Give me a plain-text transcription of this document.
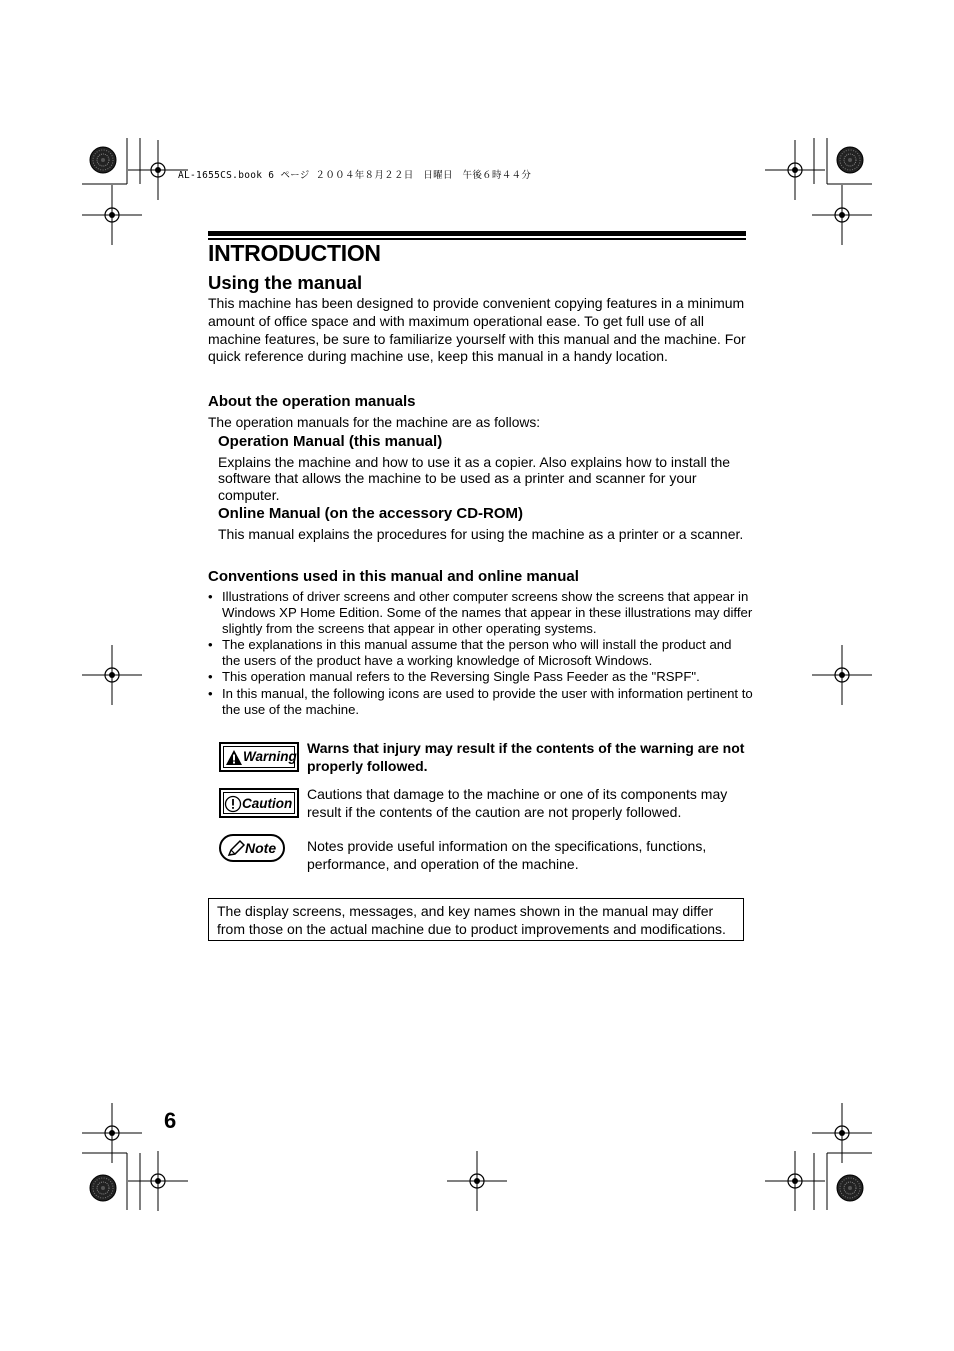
AL-1655CS.book 6 ページ ２００４年８月２２日　日曜日　午後６時４４分
INTRODUCTION
Using the manual
This machine has been designed to provide convenient copying features in a minimum amount of office space and with maximum operational ease. To get full use of all machine features, be sure to familiarize yourself with this manual and the machine. For quick reference during machine use, keep this manual in a handy location.
About the operation manuals
The operation manuals for the machine are as follows:
Operation Manual (this manual)
Explains the machine and how to use it as a copier. Also explains how to install the software that allows the machine to be used as a printer and scanner for your computer.
Online Manual (on the accessory CD-ROM)
This manual explains the procedures for using the machine as a printer or a scanner.
Conventions used in this manual and online manual
• Illustrations of driver screens and other computer screens show the screens that appear in Windows XP Home Edition. Some of the names that appear in these illustrations may differ slightly from the screens that appear in other operating systems.
• The explanations in this manual assume that the person who will install the product and the users of the product have a working knowledge of Microsoft Windows.
• This operation manual refers to the Reversing Single Pass Feeder as the "RSPF".
• In this manual, the following icons are used to provide the user with information pertinent to the use of the machine.
Warning
Warns that injury may result if the contents of the warning are not properly followed.
Caution
Cautions that damage to the machine or one of its components may result if the contents of the caution are not properly followed.
Note Notes provide useful information on the specifications, functions, performance, and operation of the machine.
The display screens, messages, and key names shown in the manual may differ from those on the actual machine due to product improvements and modifications.
6
